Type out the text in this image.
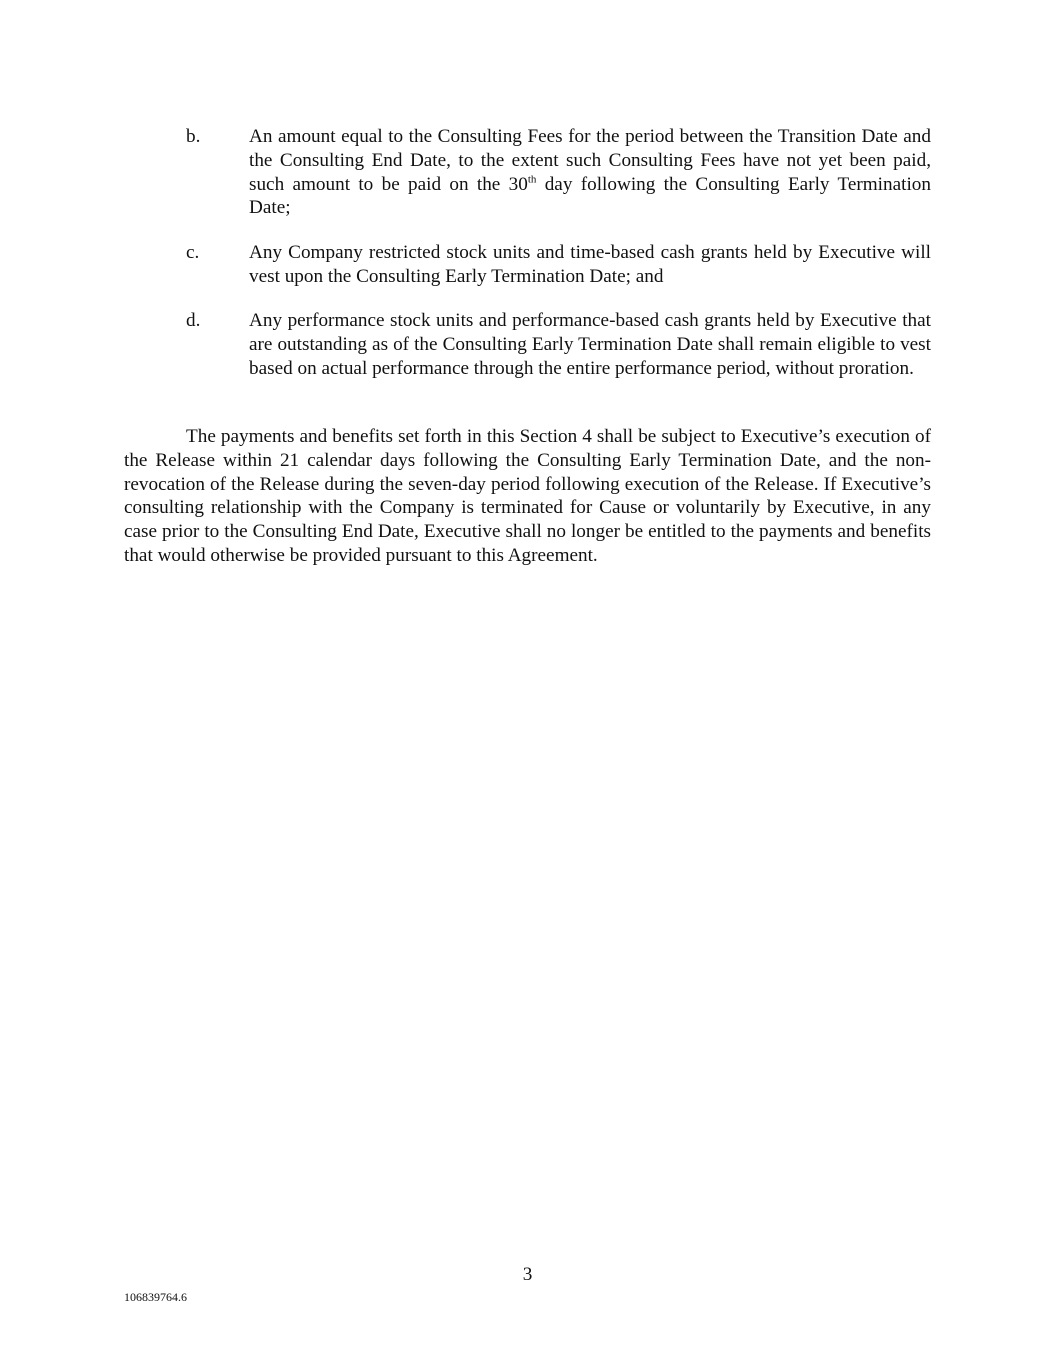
b.	An amount equal to the Consulting Fees for the period between the Transition Date and the Consulting End Date, to the extent such Consulting Fees have not yet been paid, such amount to be paid on the 30th day following the Consulting Early Termination Date;
c.	Any Company restricted stock units and time-based cash grants held by Executive will vest upon the Consulting Early Termination Date; and
d.	Any performance stock units and performance-based cash grants held by Executive that are outstanding as of the Consulting Early Termination Date shall remain eligible to vest based on actual performance through the entire performance period, without proration.
The payments and benefits set forth in this Section 4 shall be subject to Executive’s execution of the Release within 21 calendar days following the Consulting Early Termination Date, and the non-revocation of the Release during the seven-day period following execution of the Release. If Executive’s consulting relationship with the Company is terminated for Cause or voluntarily by Executive, in any case prior to the Consulting End Date, Executive shall no longer be entitled to the payments and benefits that would otherwise be provided pursuant to this Agreement.
3
106839764.6
